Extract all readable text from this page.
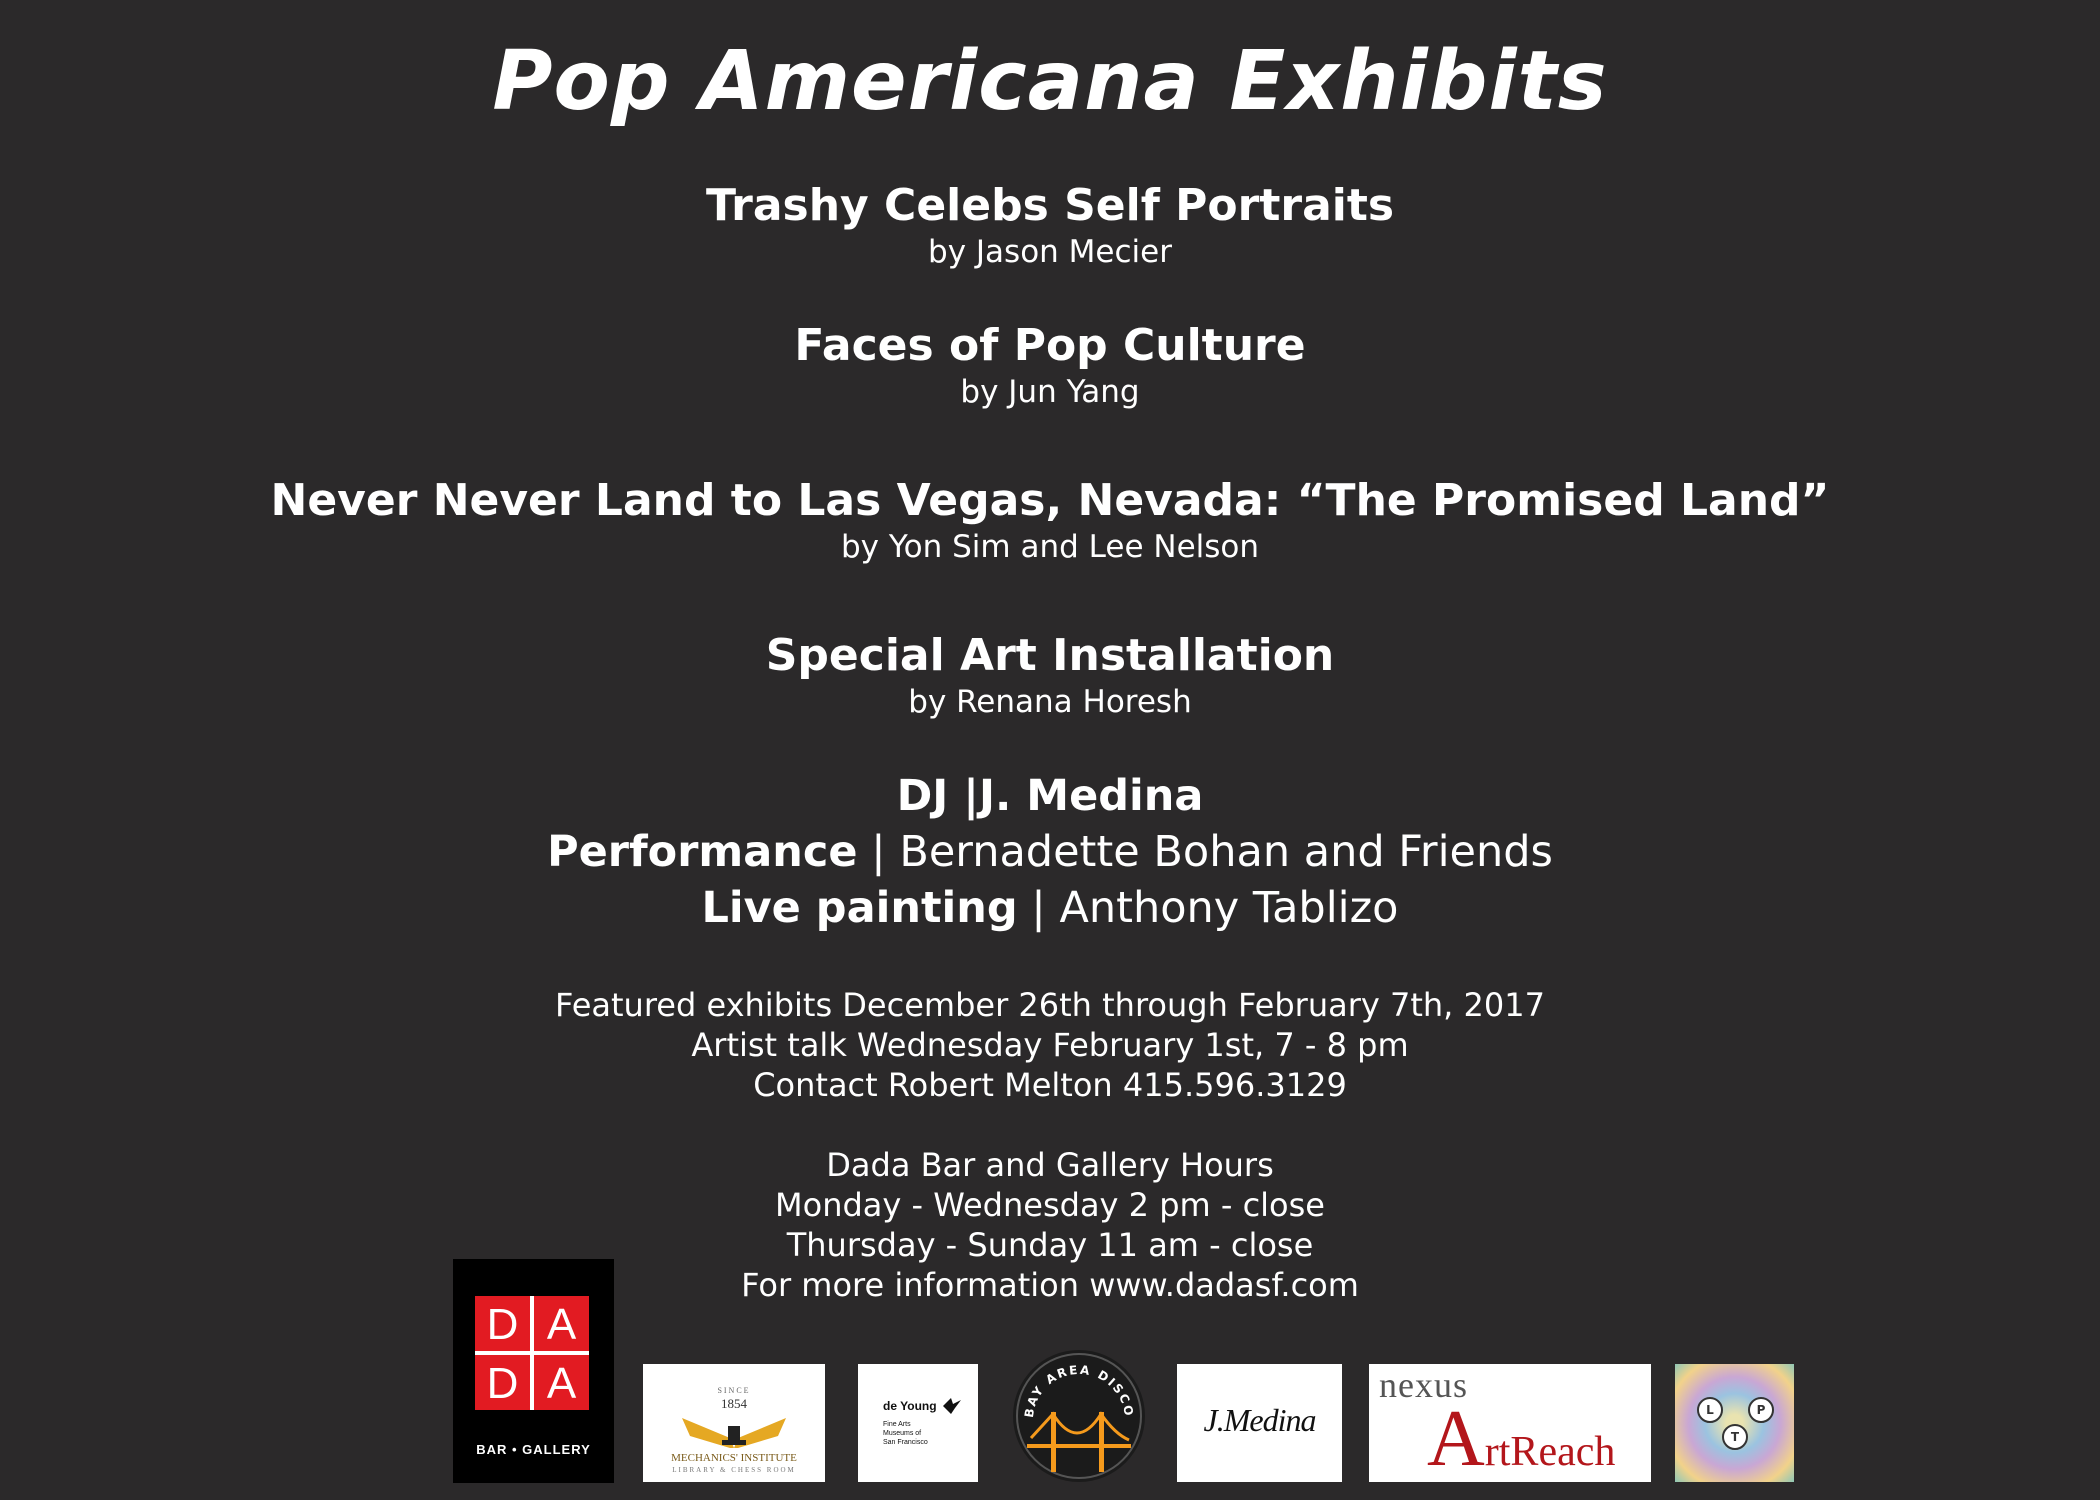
Pop Americana Exhibits
Trashy Celebs Self Portraits
by Jason Mecier
Faces of Pop Culture
by Jun Yang
Never Never Land to Las Vegas, Nevada: “The Promised Land”
by Yon Sim and Lee Nelson
Special Art Installation
by Renana Horesh
DJ |J. Medina
Performance | Bernadette Bohan and Friends
Live painting | Anthony Tablizo
Featured exhibits December 26th through February 7th, 2017
Artist talk Wednesday February 1st, 7 - 8 pm
Contact Robert Melton 415.596.3129
Dada Bar and Gallery Hours
Monday - Wednesday 2 pm - close
Thursday - Sunday 11 am - close
For more information www.dadasf.com
D A
D A
BAR • GALLERY
SINCE
1854
MECHANICS' INSTITUTE
LIBRARY & CHESS ROOM
de Young
Fine Arts
Museums of
San Francisco
BAY AREA DISCO	J.Medina
nexus
ArtReach
L	P
T
